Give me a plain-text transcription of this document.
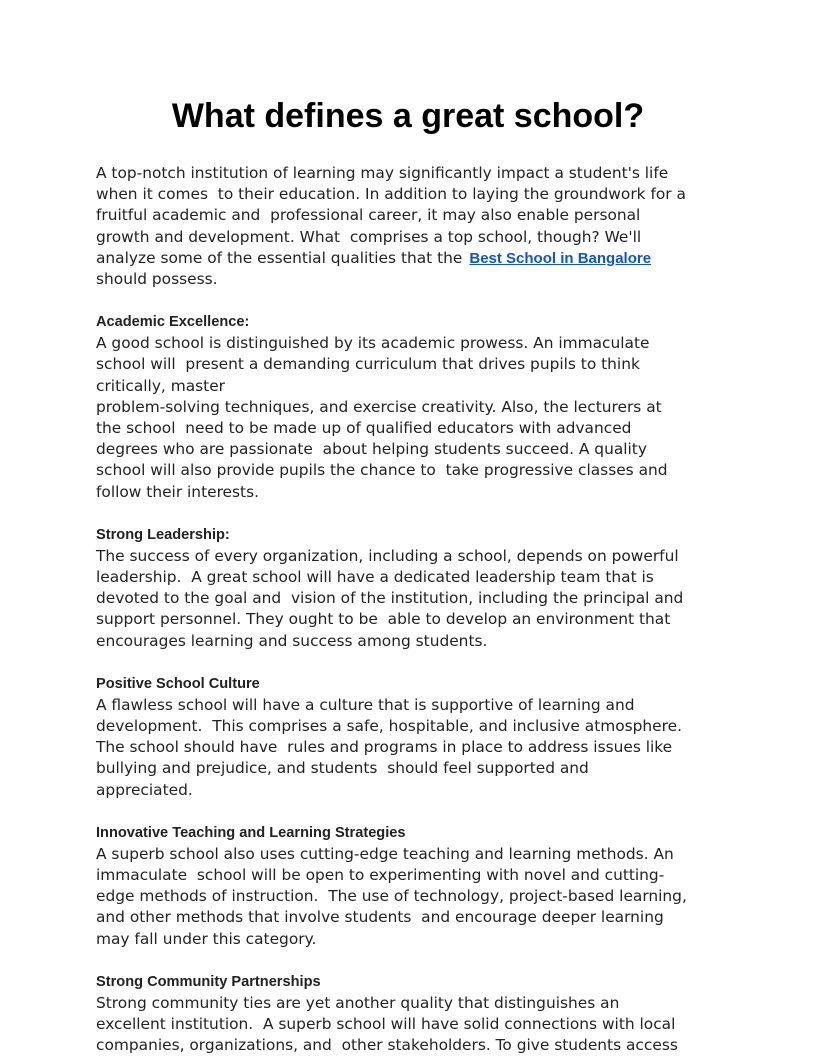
What defines a great school?
A top-notch institution of learning may significantly impact a student's life
when it comes  to their education. In addition to laying the groundwork for a
fruitful academic and  professional career, it may also enable personal
growth and development. What  comprises a top school, though? We'll
analyze some of the essential qualities that the Best School in Bangalore
should possess.
Academic Excellence:
A good school is distinguished by its academic prowess. An immaculate
school will  present a demanding curriculum that drives pupils to think
critically, master
problem-solving techniques, and exercise creativity. Also, the lecturers at
the school  need to be made up of qualified educators with advanced
degrees who are passionate  about helping students succeed. A quality
school will also provide pupils the chance to  take progressive classes and
follow their interests.
Strong Leadership:
The success of every organization, including a school, depends on powerful
leadership.  A great school will have a dedicated leadership team that is
devoted to the goal and  vision of the institution, including the principal and
support personnel. They ought to be  able to develop an environment that
encourages learning and success among students.
Positive School Culture
A flawless school will have a culture that is supportive of learning and
development.  This comprises a safe, hospitable, and inclusive atmosphere.
The school should have  rules and programs in place to address issues like
bullying and prejudice, and students  should feel supported and
appreciated.
Innovative Teaching and Learning Strategies
A superb school also uses cutting-edge teaching and learning methods. An
immaculate  school will be open to experimenting with novel and cutting-
edge methods of instruction.  The use of technology, project-based learning,
and other methods that involve students  and encourage deeper learning
may fall under this category.
Strong Community Partnerships
Strong community ties are yet another quality that distinguishes an
excellent institution.  A superb school will have solid connections with local
companies, organizations, and  other stakeholders. To give students access
